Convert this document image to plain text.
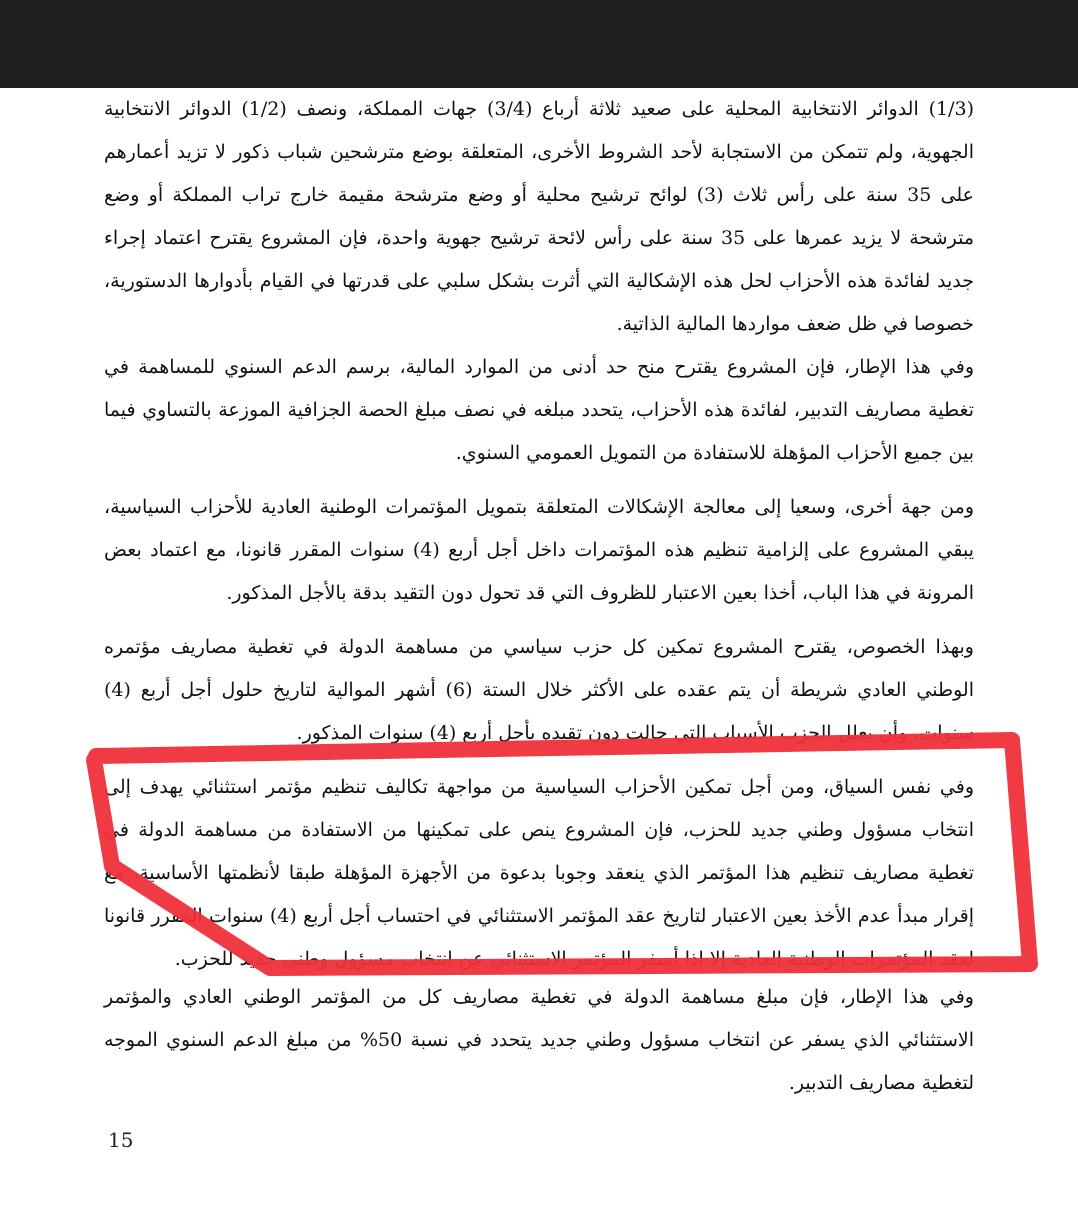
(1/3) الدوائر الانتخابية المحلية على صعيد ثلاثة أرباع (3/4) جهات المملكة، ونصف (1/2) الدوائر الانتخابية الجهوية، ولم تتمكن من الاستجابة لأحد الشروط الأخرى، المتعلقة بوضع مترشحين شباب ذكور لا تزيد أعمارهم على 35 سنة على رأس ثلاث (3) لوائح ترشيح محلية أو وضع مترشحة مقيمة خارج تراب المملكة أو وضع مترشحة لا يزيد عمرها على 35 سنة على رأس لائحة ترشيح جهوية واحدة، فإن المشروع يقترح اعتماد إجراء جديد لفائدة هذه الأحزاب لحل هذه الإشكالية التي أثرت بشكل سلبي على قدرتها في القيام بأدوارها الدستورية، خصوصا في ظل ضعف مواردها المالية الذاتية.
وفي هذا الإطار، فإن المشروع يقترح منح حد أدنى من الموارد المالية، برسم الدعم السنوي للمساهمة في تغطية مصاريف التدبير، لفائدة هذه الأحزاب، يتحدد مبلغه في نصف مبلغ الحصة الجزافية الموزعة بالتساوي فيما بين جميع الأحزاب المؤهلة للاستفادة من التمويل العمومي السنوي.
ومن جهة أخرى، وسعيا إلى معالجة الإشكالات المتعلقة بتمويل المؤتمرات الوطنية العادية للأحزاب السياسية، يبقي المشروع على إلزامية تنظيم هذه المؤتمرات داخل أجل أربع (4) سنوات المقرر قانونا، مع اعتماد بعض المرونة في هذا الباب، أخذا بعين الاعتبار للظروف التي قد تحول دون التقيد بدقة بالأجل المذكور.
وبهذا الخصوص، يقترح المشروع تمكين كل حزب سياسي من مساهمة الدولة في تغطية مصاريف مؤتمره الوطني العادي شريطة أن يتم عقده على الأكثر خلال الستة (6) أشهر الموالية لتاريخ حلول أجل أربع (4) سنوات، وأن يعلل الحزب الأسباب التي حالت دون تقيده بأجل أربع (4) سنوات المذكور.
وفي نفس السياق، ومن أجل تمكين الأحزاب السياسية من مواجهة تكاليف تنظيم مؤتمر استثنائي يهدف إلى انتخاب مسؤول وطني جديد للحزب، فإن المشروع ينص على تمكينها من الاستفادة من مساهمة الدولة في تغطية مصاريف تنظيم هذا المؤتمر الذي ينعقد وجوبا بدعوة من الأجهزة المؤهلة طبقا لأنظمتها الأساسية، مع إقرار مبدأ عدم الأخذ بعين الاعتبار لتاريخ عقد المؤتمر الاستثنائي في احتساب أجل أربع (4) سنوات المقرر قانونا لعقد المؤتمرات الوطنية العادية إلا إذا أسفر المؤتمر الاستثنائي عن انتخاب مسؤول وطني جديد للحزب.
وفي هذا الإطار، فإن مبلغ مساهمة الدولة في تغطية مصاريف كل من المؤتمر الوطني العادي والمؤتمر الاستثنائي الذي يسفر عن انتخاب مسؤول وطني جديد يتحدد في نسبة 50% من مبلغ الدعم السنوي الموجه لتغطية مصاريف التدبير.
15
